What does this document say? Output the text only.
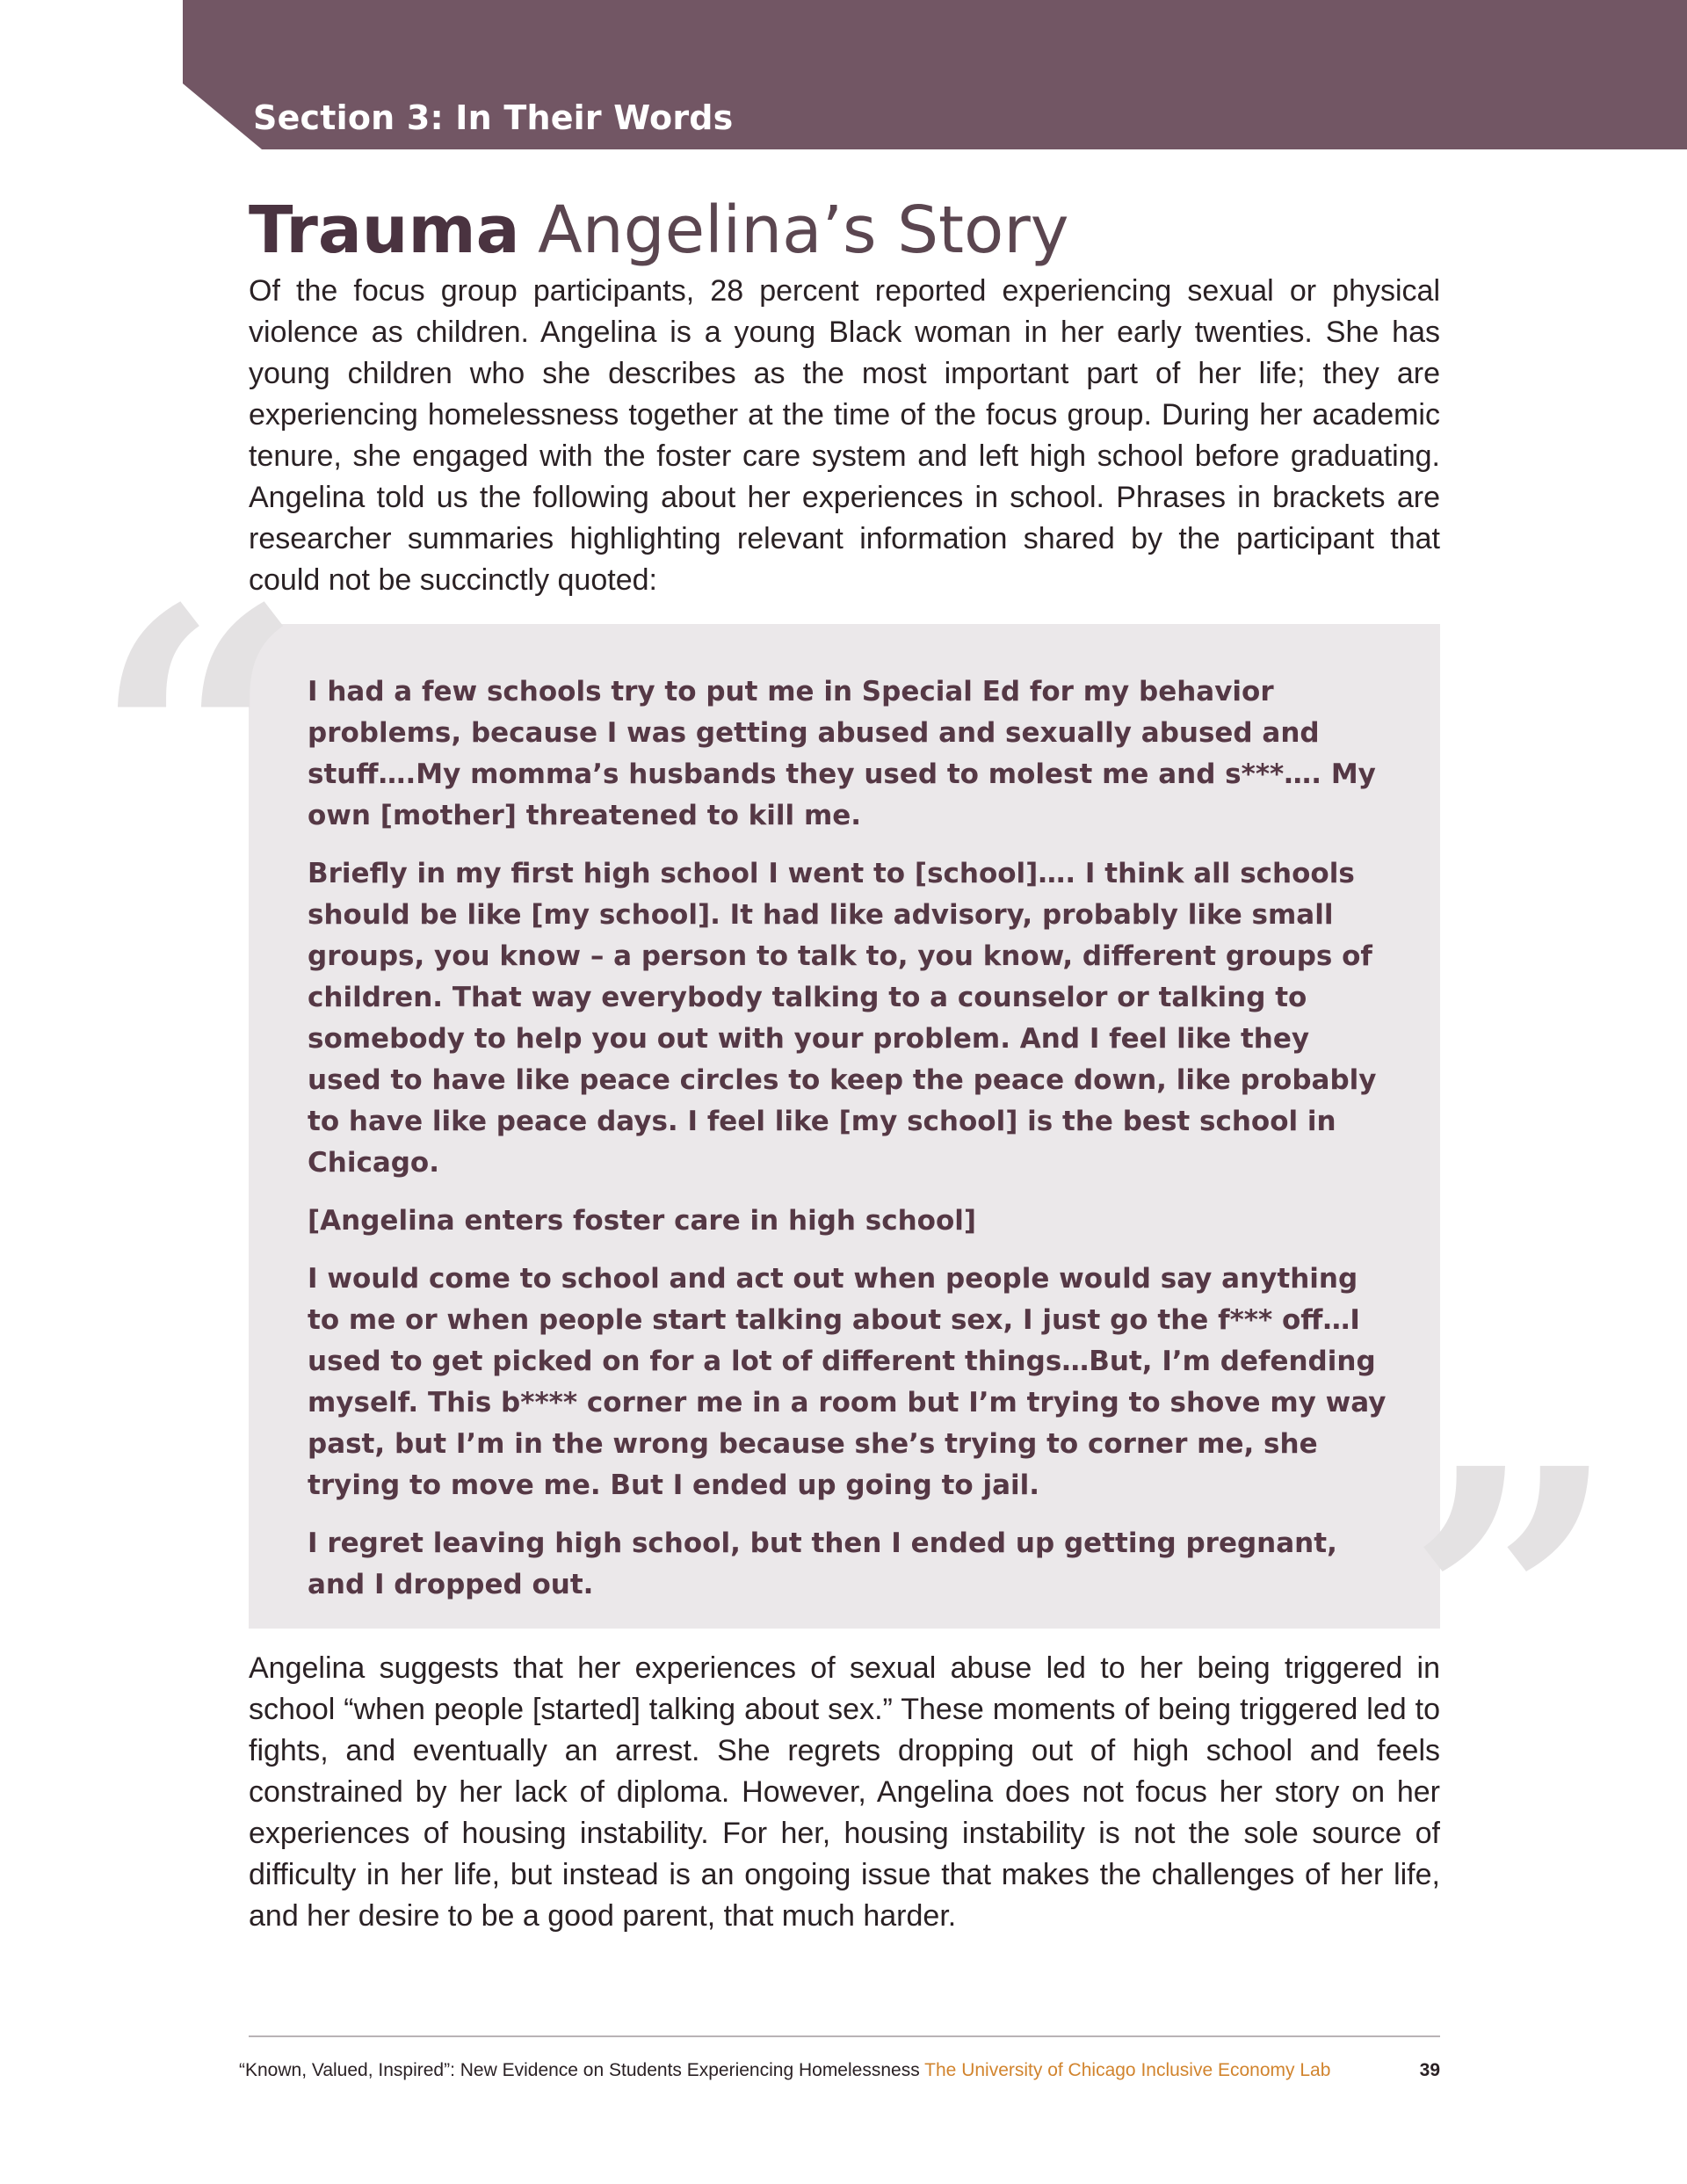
Section 3: In Their Words
Trauma Angelina’s Story

Of the focus group participants, 28 percent reported experiencing sexual or physical violence as children. Angelina is a young Black woman in her early twenties. She has young children who she describes as the most important part of her life; they are experiencing homelessness together at the time of the focus group. During her academic tenure, she engaged with the foster care system and left high school before graduating. Angelina told us the following about her experiences in school. Phrases in brackets are researcher summaries highlighting relevant information shared by the participant that could not be succinctly quoted:

“ I had a few schools try to put me in Special Ed for my behavior problems, because I was getting abused and sexually abused and stuff….My momma’s husbands they used to molest me and s***…. My own [mother] threatened to kill me.

Briefly in my first high school I went to [school]…. I think all schools should be like [my school]. It had like advisory, probably like small groups, you know – a person to talk to, you know, different groups of children. That way everybody talking to a counselor or talking to somebody to help you out with your problem. And I feel like they used to have like peace circles to keep the peace down, like probably to have like peace days. I feel like [my school] is the best school in Chicago.

[Angelina enters foster care in high school]

I would come to school and act out when people would say anything to me or when people start talking about sex, I just go the f*** off…I used to get picked on for a lot of different things…But, I’m defending myself. This b**** corner me in a room but I’m trying to shove my way past, but I’m in the wrong because she’s trying to corner me, she trying to move me. But I ended up going to jail.

I regret leaving high school, but then I ended up getting pregnant, and I dropped out.	”

Angelina suggests that her experiences of sexual abuse led to her being triggered in school “when people [started] talking about sex.” These moments of being triggered led to fights, and eventually an arrest. She regrets dropping out of high school and feels constrained by her lack of diploma. However, Angelina does not focus her story on her experiences of housing instability. For her, housing instability is not the sole source of difficulty in her life, but instead is an ongoing issue that makes the challenges of her life, and her desire to be a good parent, that much harder.

“Known, Valued, Inspired”: New Evidence on Students Experiencing Homelessness The University of Chicago Inclusive Economy Lab	39
